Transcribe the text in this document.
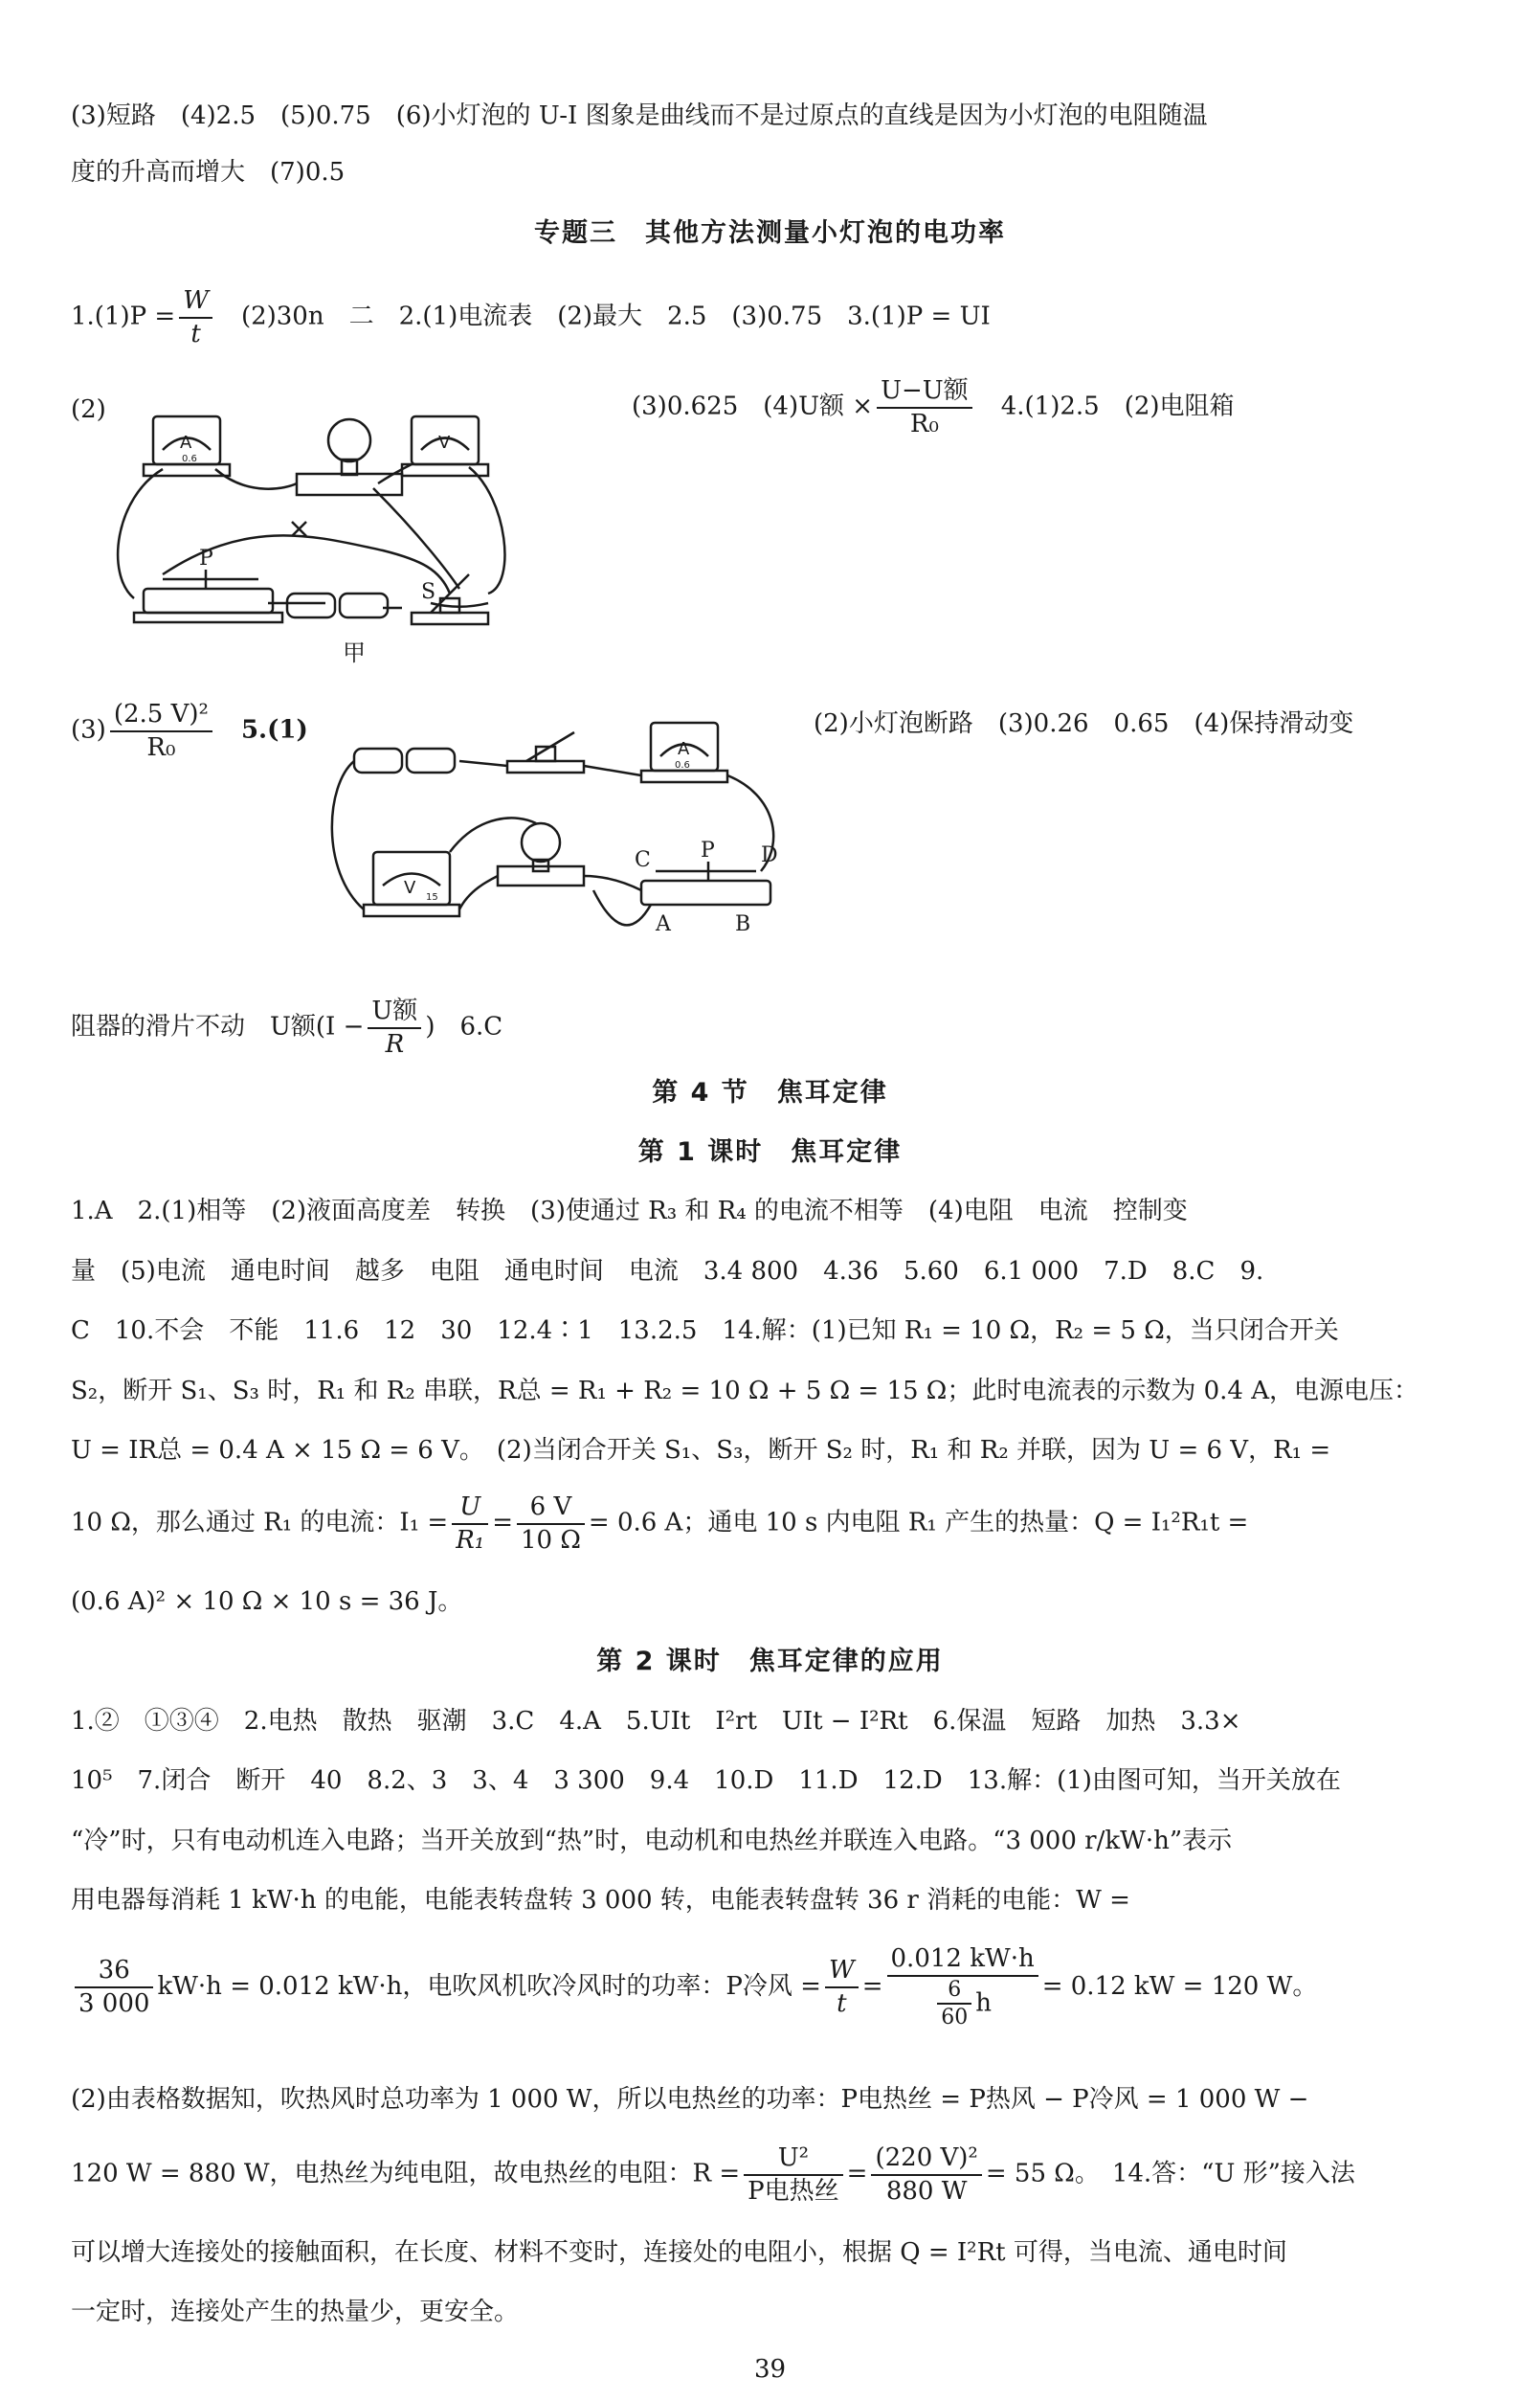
(3)短路　(4)2.5　(5)0.75　(6)小灯泡的 U-I 图象是曲线而不是过原点的直线是因为小灯泡的电阻随温
度的升高而增大　(7)0.5
专题三　其他方法测量小灯泡的电功率
$1.(1)P = \frac{W}{t}$
　 (2)30n　二　2.(1)电流表　(2)最大　2.5　(3)0.75　3.(1)P = UI
(2)	(3)0.625　(4)U额 ×
U−U额
R₀
　4.(1)2.5　(2)电阻箱
A
0.6
V
P
S
甲
$(3) \frac{\text{(2.5 V)²}}{\text{R₀}}$
　 5.(1)	(2)小灯泡断路　(3)0.26　0.65　(4)保持滑动变
A
0.6
V 15
C P D
A	B
阻器的滑片不动　U额(I −
U额
R
)　6.C
第 4 节　焦耳定律
第 1 课时　焦耳定律
1.A　2.(1)相等　(2)液面高度差　转换　(3)使通过 R₃ 和 R₄ 的电流不相等　(4)电阻　电流　控制变
量　(5)电流　通电时间　越多　电阻　通电时间　电流　3.4 800　4.36　5.60　6.1 000　7.D　8.C　9.
C　10.不会　不能　11.6　12　30　12.4∶1　13.2.5　14.解：(1)已知 R₁ = 10 Ω，R₂ = 5 Ω，当只闭合开关
S₂，断开 S₁、S₃ 时，R₁ 和 R₂ 串联，R总 = R₁ + R₂ = 10 Ω + 5 Ω = 15 Ω；此时电流表的示数为 0.4 A，电源电压：
U = IR总 = 0.4 A × 15 Ω = 6 V。　(2)当闭合开关 S₁、S₃，断开 S₂ 时，R₁ 和 R₂ 并联，因为 U = 6 V，R₁ =
10 Ω，那么通过 R₁ 的电流：$I_1 = \frac{U}{\text{R₁}} = \frac{6 V}{10 \Omega} = 0.6$ A；通电 10 s 内电阻 R₁ 产生的热量：Q = I₁²R₁t =
(0.6 A)² × 10 Ω × 10 s = 36 J。
第 2 课时　焦耳定律的应用
1.②　①③④　2.电热　散热　驱潮　3.C　4.A　5.UIt　I²rt　UIt − I²Rt　6.保温　短路　加热　3.3×
10⁵　7.闭合　断开　40　8.2、3　3、4　3 300　9.4　10.D　11.D　12.D　13.解：(1)由图可知，当开关放在
“冷”时，只有电动机连入电路；当开关放到“热”时，电动机和电热丝并联连入电路。“3 000 r/kW·h”表示
用电器每消耗 1 kW·h 的电能，电能表转盘转 3 000 转，电能表转盘转 36 r 消耗的电能：W =
$\frac{36}{3 000} kW\cdot h = 0.012$ kW·h，电吹风机吹冷风时的功率：P冷风 = $\frac{W}{t} = \frac{0.012 kW\cdot h}{\frac{6}{60} h} = 0.12$ kW = 120 W。
(2)由表格数据知，吹热风时总功率为 1 000 W，所以电热丝的功率：P电热丝 = P热风 − P冷风 = 1 000 W −
120 W = 880 W，电热丝为纯电阻，故电热丝的电阻：R =
U²
P电热丝
= $\frac{\text{(220 V)²}}{880 W} = 55$ Ω。　14.答：“U 形”接入法
可以增大连接处的接触面积，在长度、材料不变时，连接处的电阻小，根据 Q = I²Rt 可得，当电流、通电时间
一定时，连接处产生的热量少，更安全。
39
